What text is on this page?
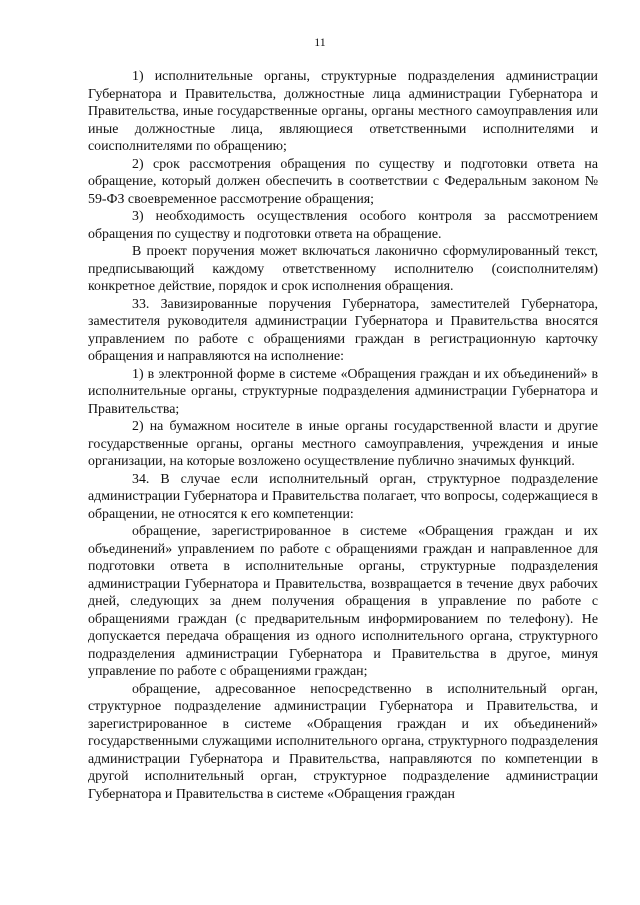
11

1) исполнительные органы, структурные подразделения администрации Губернатора и Правительства, должностные лица администрации Губернатора и Правительства, иные государственные органы, органы местного самоуправления или иные должностные лица, являющиеся ответственными исполнителями и соисполнителями по обращению;

2) срок рассмотрения обращения по существу и подготовки ответа на обращение, который должен обеспечить в соответствии с Федеральным законом № 59-ФЗ своевременное рассмотрение обращения;

3) необходимость осуществления особого контроля за рассмотрением обращения по существу и подготовки ответа на обращение.

В проект поручения может включаться лаконично сформулированный текст, предписывающий каждому ответственному исполнителю (соисполнителям) конкретное действие, порядок и срок исполнения обращения.

33. Завизированные поручения Губернатора, заместителей Губернатора, заместителя руководителя администрации Губернатора и Правительства вносятся управлением по работе с обращениями граждан в регистрационную карточку обращения и направляются на исполнение:

1) в электронной форме в системе «Обращения граждан и их объединений» в исполнительные органы, структурные подразделения администрации Губернатора и Правительства;

2) на бумажном носителе в иные органы государственной власти и другие государственные органы, органы местного самоуправления, учреждения и иные организации, на которые возложено осуществление публично значимых функций.

34. В случае если исполнительный орган, структурное подразделение администрации Губернатора и Правительства полагает, что вопросы, содержащиеся в обращении, не относятся к его компетенции:

обращение, зарегистрированное в системе «Обращения граждан и их объединений» управлением по работе с обращениями граждан и направленное для подготовки ответа в исполнительные органы, структурные подразделения администрации Губернатора и Правительства, возвращается в течение двух рабочих дней, следующих за днем получения обращения в управление по работе с обращениями граждан (с предварительным информированием по телефону). Не допускается передача обращения из одного исполнительного органа, структурного подразделения администрации Губернатора и Правительства в другое, минуя управление по работе с обращениями граждан;

обращение, адресованное непосредственно в исполнительный орган, структурное подразделение администрации Губернатора и Правительства, и зарегистрированное в системе «Обращения граждан и их объединений» государственными служащими исполнительного органа, структурного подразделения администрации Губернатора и Правительства, направляются по компетенции в другой исполнительный орган, структурное подразделение администрации Губернатора и Правительства в системе «Обращения граждан
